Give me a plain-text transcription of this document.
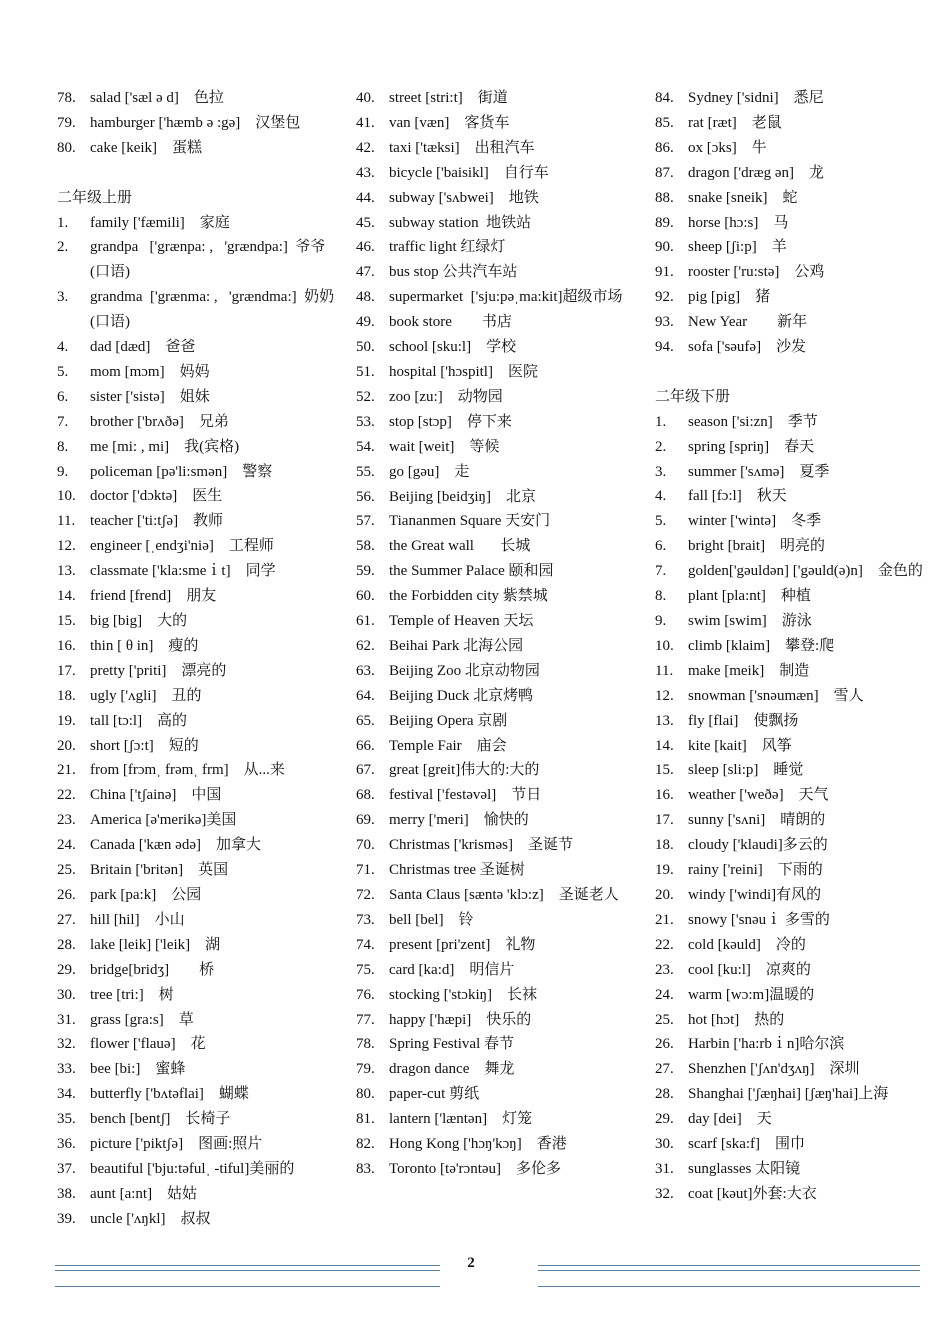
78. salad ['sæl ə d]    色拉
79. hamburger ['hæmb ə :gə]    汉堡包
80. cake [keik]    蛋糕
二年级上册
1.	family ['fæmili]    家庭
2.	grandpa   ['grænpa: ,   'grændpa:]  爷爷(口语)
3.	grandma  ['grænma: ,   'grændma:]  奶奶(口语)
4.	dad [dæd]    爸爸
5.	mom [mɔm]    妈妈
6.	sister ['sistə]    姐妹
7.	brother ['brʌðə]    兄弟
8.	me [mi: , mi]    我(宾格)
9.	policeman [pə'li:smən]    警察
10. doctor ['dɔktə]    医生
11. teacher ['ti:tʃə]    教师
12. engineer [ˌendʒi'niə]    工程师
13. classmate ['kla:smeｉt]    同学
14. friend [frend]    朋友
15. big [big]    大的
16. thin [ θ in]    瘦的
17. pretty ['priti]    漂亮的
18. ugly ['ʌgli]    丑的
19. tall [tɔ:l]    高的
20. short [ʃɔ:t]    短的
21. from [frɔmˌ frəmˌ frm]    从...来
22. China ['tʃainə]    中国
23. America [ə'merikə]美国
24. Canada ['kæn ədə]    加拿大
25. Britain ['britən]    英国
26. park [pa:k]    公园
27. hill [hil]    小山
28. lake [leik] ['leik]    湖
29. bridge[bridʒ]        桥
30. tree [tri:]    树
31. grass [gra:s]    草
32. flower ['flauə]    花
33. bee [bi:]    蜜蜂
34. butterfly ['bʌtəflai]    蝴蝶
35. bench [bentʃ]    长椅子
36. picture ['piktʃə]    图画:照片
37. beautiful ['bju:təfulˌ -tiful]美丽的
38. aunt [a:nt]    姑姑
39. uncle ['ʌŋkl]    叔叔
40. street [stri:t]    街道
41. van [væn]    客货车
42. taxi ['tæksi]    出租汽车
43. bicycle ['baisikl]    自行车
44. subway ['sʌbwei]    地铁
45. subway station  地铁站
46. traffic light 红绿灯
47. bus stop 公共汽车站
48. supermarket  ['sju:pəˌma:kit]超级市场
49. book store        书店
50. school [sku:l]    学校
51. hospital ['hɔspitl]    医院
52. zoo [zu:]    动物园
53. stop [stɔp]    停下来
54. wait [weit]    等候
55. go [gəu]    走
56. Beijing [beidʒiŋ]    北京
57. Tiananmen Square 天安门
58. the Great wall       长城
59. the Summer Palace 颐和园
60. the Forbidden city 紫禁城
61. Temple of Heaven 天坛
62. Beihai Park 北海公园
63. Beijing Zoo 北京动物园
64. Beijing Duck 北京烤鸭
65. Beijing Opera 京剧
66. Temple Fair    庙会
67. great [greit]伟大的:大的
68. festival ['festəvəl]    节日
69. merry ['meri]    愉快的
70. Christmas ['krisməs]    圣诞节
71. Christmas tree 圣诞树
72. Santa Claus [sæntə 'klɔ:z]    圣诞老人
73. bell [bel]    铃
74. present [pri'zent]    礼物
75. card [ka:d]    明信片
76. stocking ['stɔkiŋ]    长袜
77. happy ['hæpi]    快乐的
78. Spring Festival 春节
79. dragon dance    舞龙
80. paper-cut 剪纸
81. lantern ['læntən]    灯笼
82. Hong Kong ['hɔŋ'kɔŋ]    香港
83. Toronto [tə'rɔntəu]    多伦多
84. Sydney ['sidni]    悉尼
85. rat [ræt]    老鼠
86. ox [ɔks]    牛
87. dragon ['dræg ən]    龙
88. snake [sneik]    蛇
89. horse [hɔ:s]    马
90. sheep [ʃi:p]    羊
91. rooster ['ru:stə]    公鸡
92. pig [pig]    猪
93. New Year        新年
94. sofa ['səufə]    沙发
二年级下册
1.	season ['si:zn]    季节
2.	spring [spriŋ]    春天
3.	summer ['sʌmə]    夏季
4.	fall [fɔ:l]    秋天
5.	winter ['wintə]    冬季
6.	bright [brait]    明亮的
7.	golden['gəuldən] ['gəuld(ə)n]    金色的
8.	plant [pla:nt]    种植
9.	swim [swim]    游泳
10. climb [klaim]    攀登:爬
11. make [meik]    制造
12. snowman ['snəumæn]    雪人
13. fly [flai]    使飘扬
14. kite [kait]    风筝
15. sleep [sli:p]    睡觉
16. weather ['weðə]    天气
17. sunny ['sʌni]    晴朗的
18. cloudy ['klaudi]多云的
19. rainy ['reini]    下雨的
20. windy ['windi]有风的
21. snowy ['snəuｉ 多雪的
22. cold [kəuld]    冷的
23. cool [ku:l]    凉爽的
24. warm [wɔ:m]温暖的
25. hot [hɔt]    热的
26. Harbin ['ha:rbｉn]哈尔滨
27. Shenzhen ['ʃʌn'dʒʌŋ]    深圳
28. Shanghai ['ʃæŋhai] [ʃæŋ'hai]上海
29. day [dei]    天
30. scarf [ska:f]    围巾
31. sunglasses 太阳镜
32. coat [kəut]外套:大衣
2
